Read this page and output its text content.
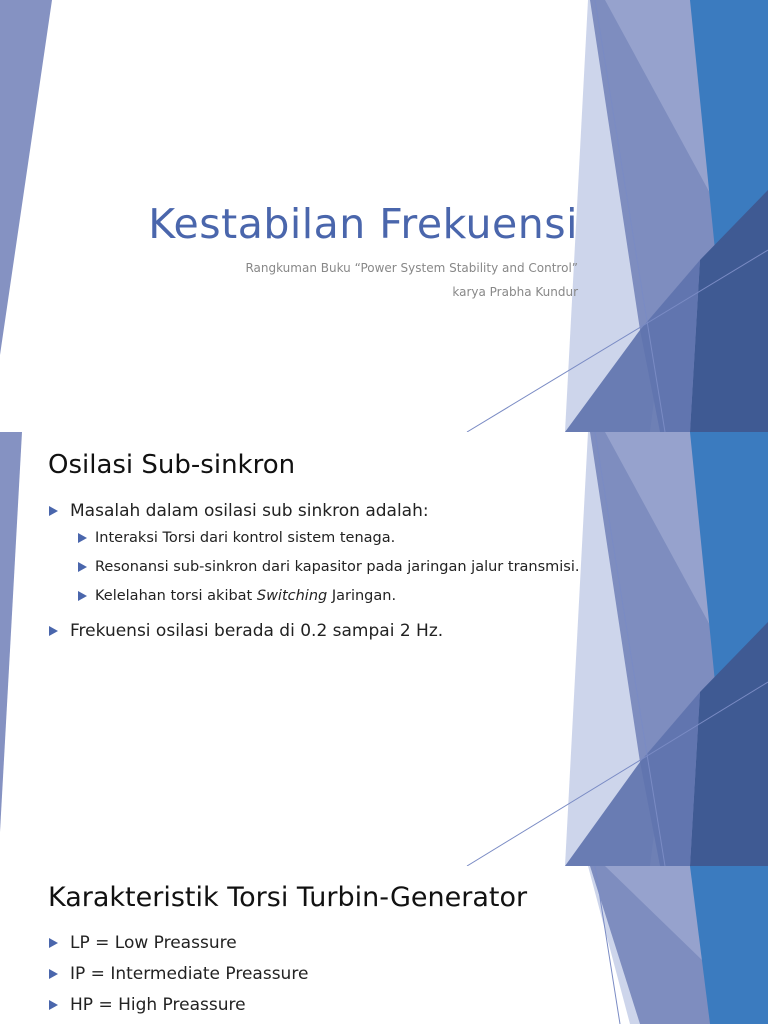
Kestabilan Frekuensi

Rangkuman Buku “Power System Stability and Control”

karya Prabha Kundur

Osilasi Sub-sinkron
Masalah dalam osilasi sub sinkron adalah:
Interaksi Torsi dari kontrol sistem tenaga.
Resonansi sub-sinkron dari kapasitor pada jaringan jalur transmisi.
Kelelahan torsi akibat Switching Jaringan.
Frekuensi osilasi berada di 0.2 sampai 2 Hz.
Karakteristik Torsi Turbin-Generator
LP = Low Preassure
IP = Intermediate Preassure
HP = High Preassure
